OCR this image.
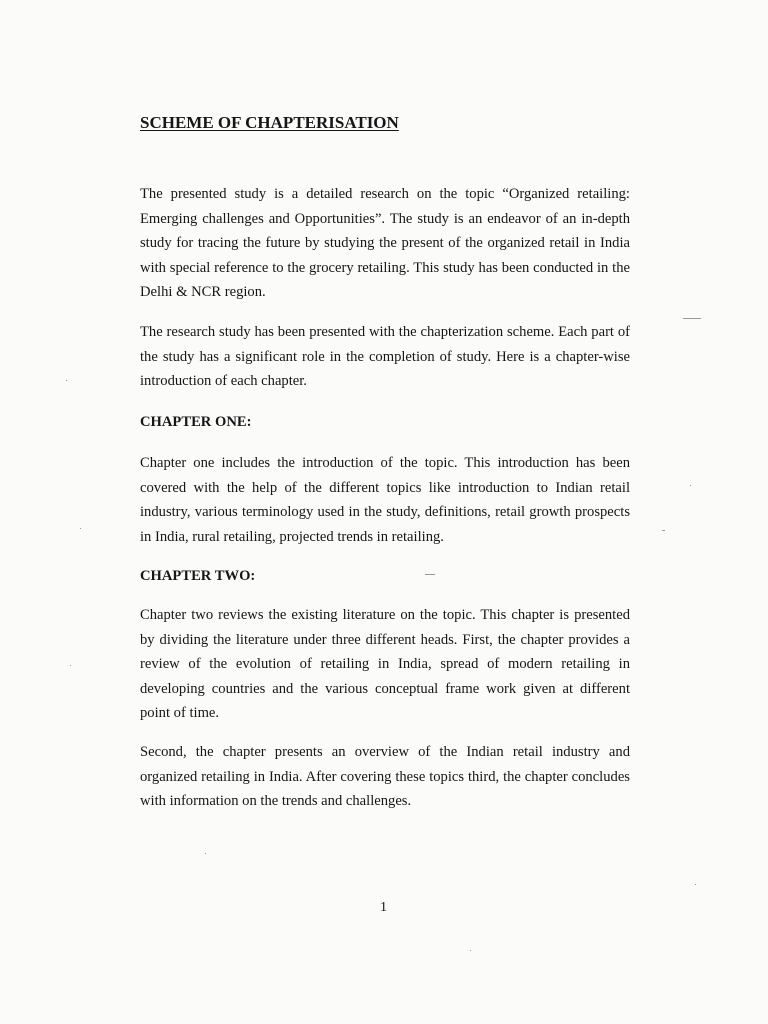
SCHEME OF CHAPTERISATION

The presented study is a detailed research on the topic “Organized retailing: Emerging challenges and Opportunities”. The study is an endeavor of an in-depth study for tracing the future by studying the present of the organized retail in India with special reference to the grocery retailing. This study has been conducted in the Delhi & NCR region.

The research study has been presented with the chapterization scheme. Each part of the study has a significant role in the completion of study. Here is a chapter-wise introduction of each chapter.

CHAPTER ONE:

Chapter one includes the introduction of the topic. This introduction has been covered with the help of the different topics like introduction to Indian retail industry, various terminology used in the study, definitions, retail growth prospects in India, rural retailing, projected trends in retailing.

CHAPTER TWO:

Chapter two reviews the existing literature on the topic. This chapter is presented by dividing the literature under three different heads. First, the chapter provides a review of the evolution of retailing in India, spread of modern retailing in developing countries and the various conceptual frame work given at different point of time.

Second, the chapter presents an overview of the Indian retail industry and organized retailing in India. After covering these topics third, the chapter concludes with information on the trends and challenges.

1
